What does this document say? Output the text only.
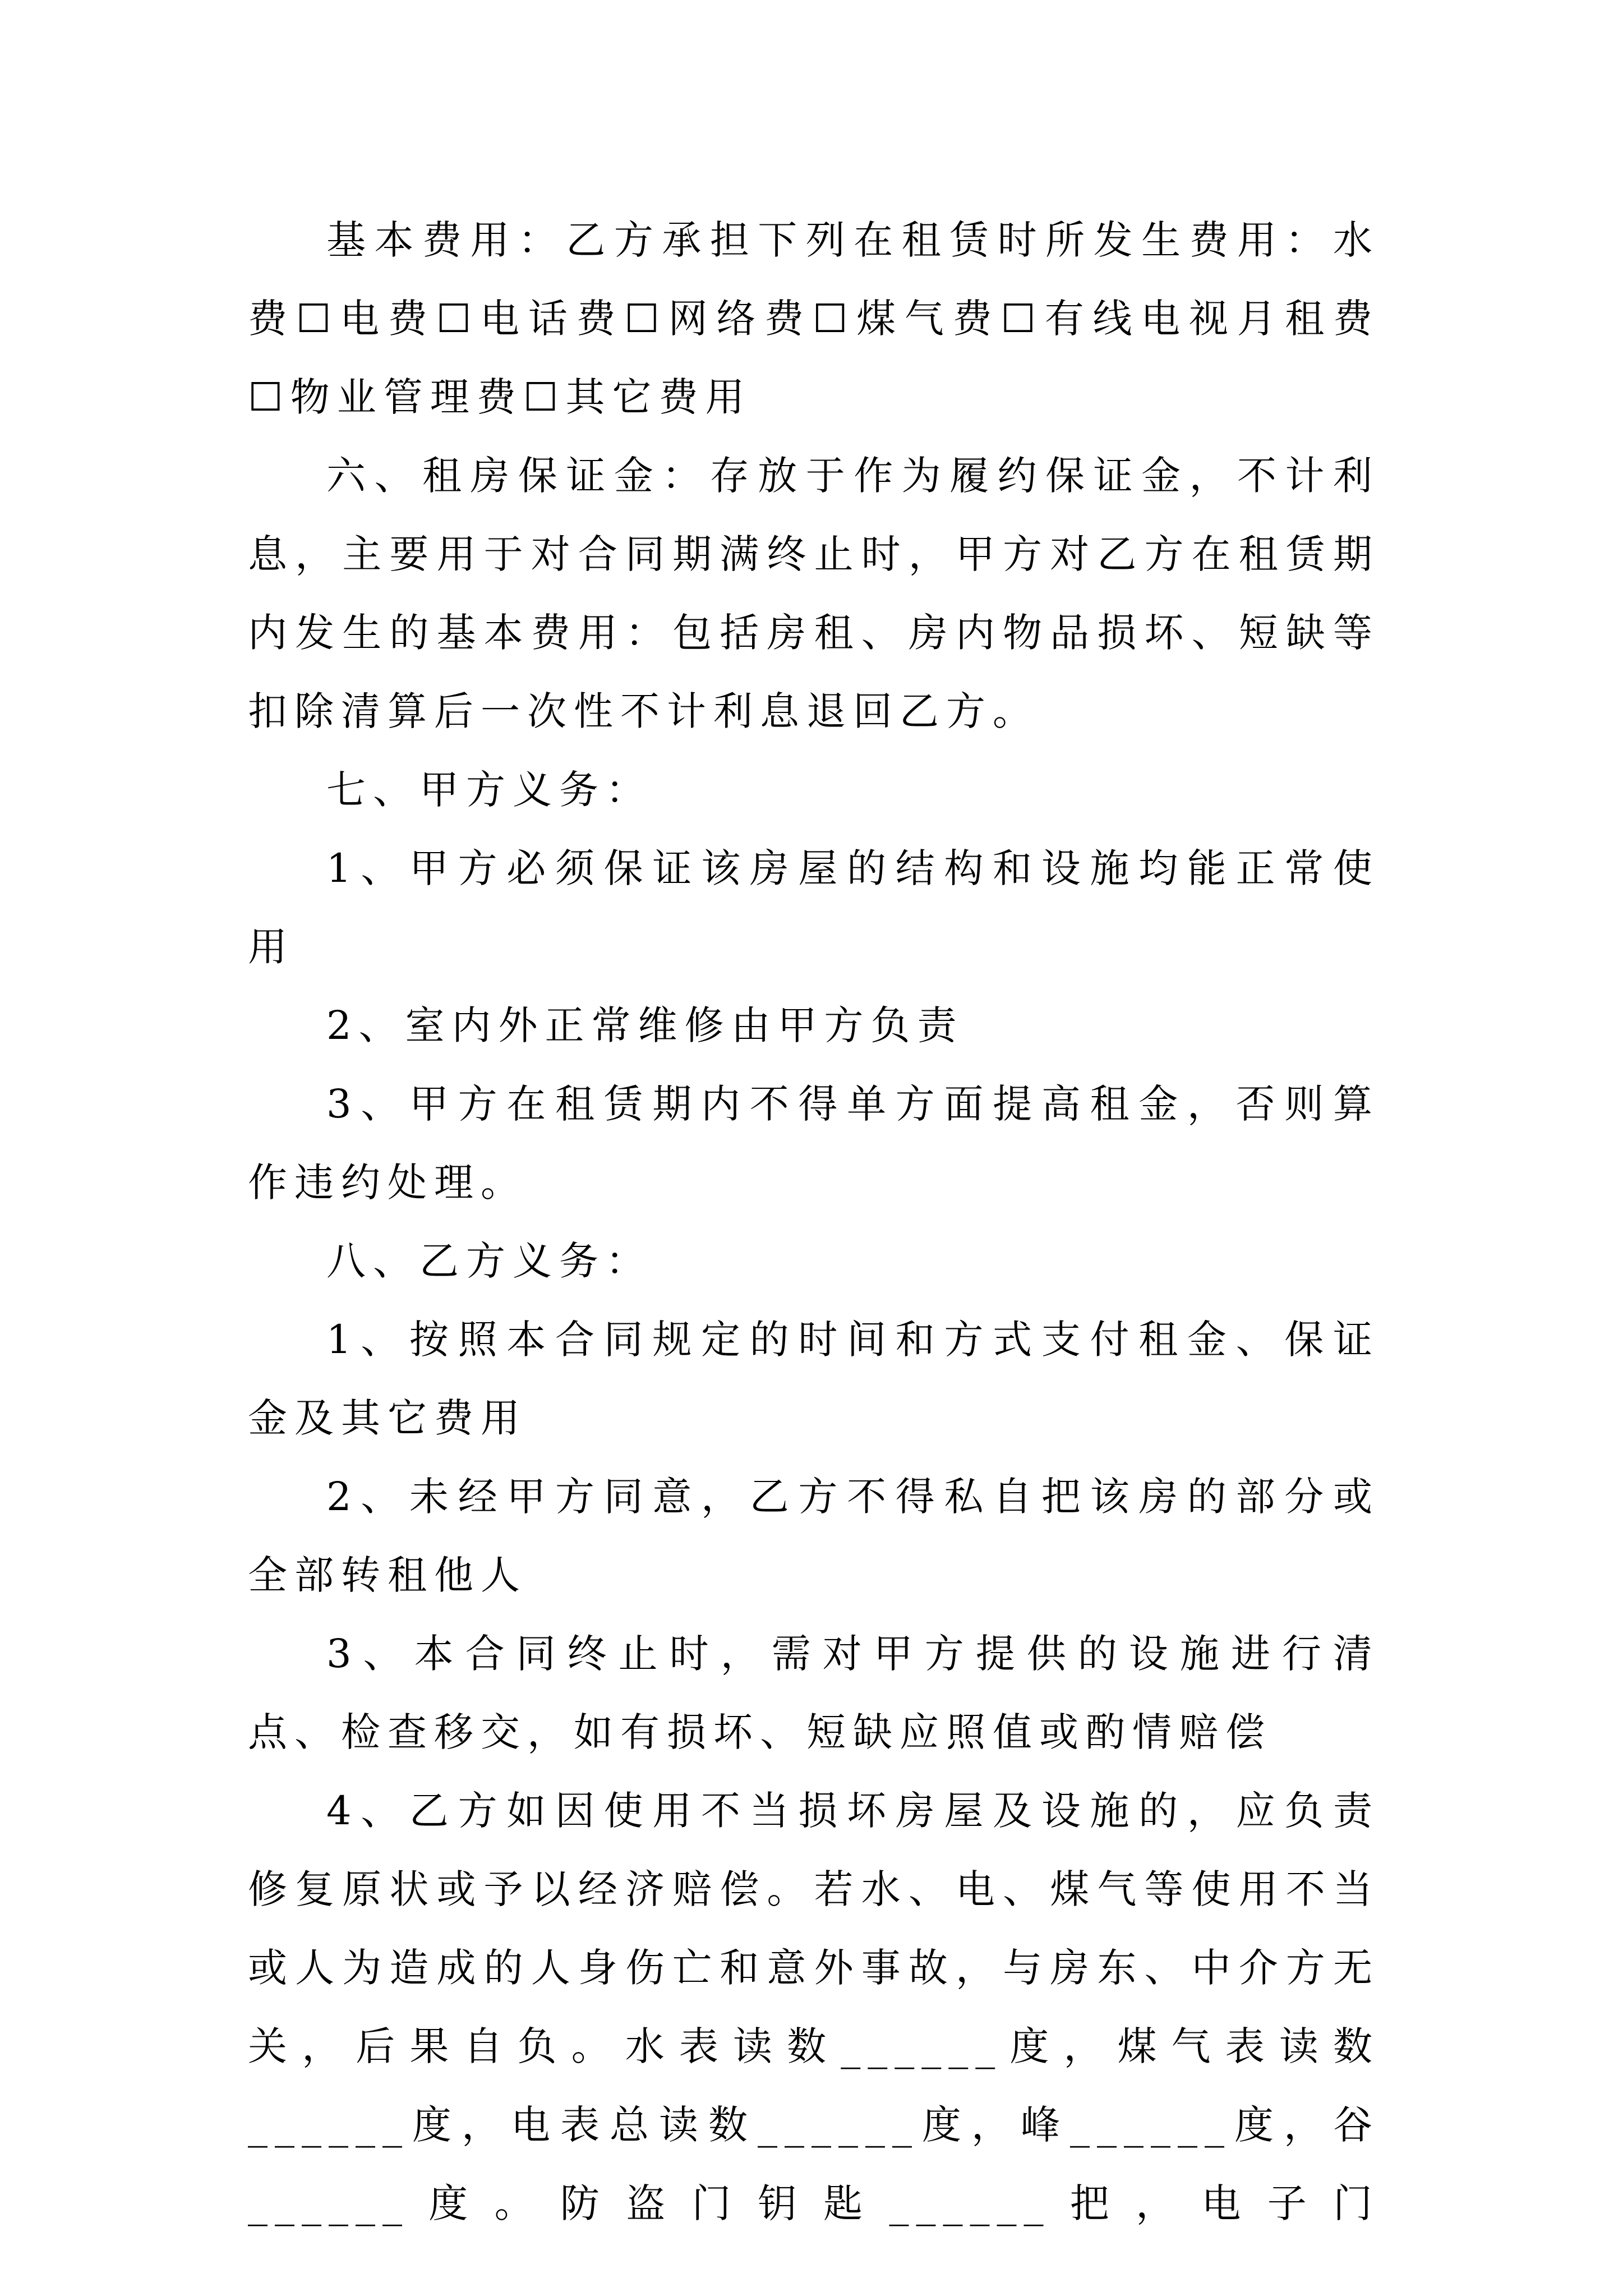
基本费用：乙方承担下列在租赁时所发生费用：水费☐电费☐电话费☐网络费☐煤气费☐有线电视月租费☐物业管理费☐其它费用

六、租房保证金：存放于作为履约保证金，不计利息，主要用于对合同期满终止时，甲方对乙方在租赁期内发生的基本费用：包括房租、房内物品损坏、短缺等扣除清算后一次性不计利息退回乙方。

七、甲方义务：

1、甲方必须保证该房屋的结构和设施均能正常使用

2、室内外正常维修由甲方负责

3、甲方在租赁期内不得单方面提高租金，否则算作违约处理。

八、乙方义务：

1、按照本合同规定的时间和方式支付租金、保证金及其它费用

2、未经甲方同意，乙方不得私自把该房的部分或全部转租他人

3、本合同终止时，需对甲方提供的设施进行清点、检查移交，如有损坏、短缺应照值或酌情赔偿

4、乙方如因使用不当损坏房屋及设施的，应负责修复原状或予以经济赔偿。若水、电、煤气等使用不当或人为造成的人身伤亡和意外事故，与房东、中介方无关，后果自负。水表读数______度，煤气表读数______度，电表总读数______度，峰______度，谷______度。防盗门钥匙______把，电子门
